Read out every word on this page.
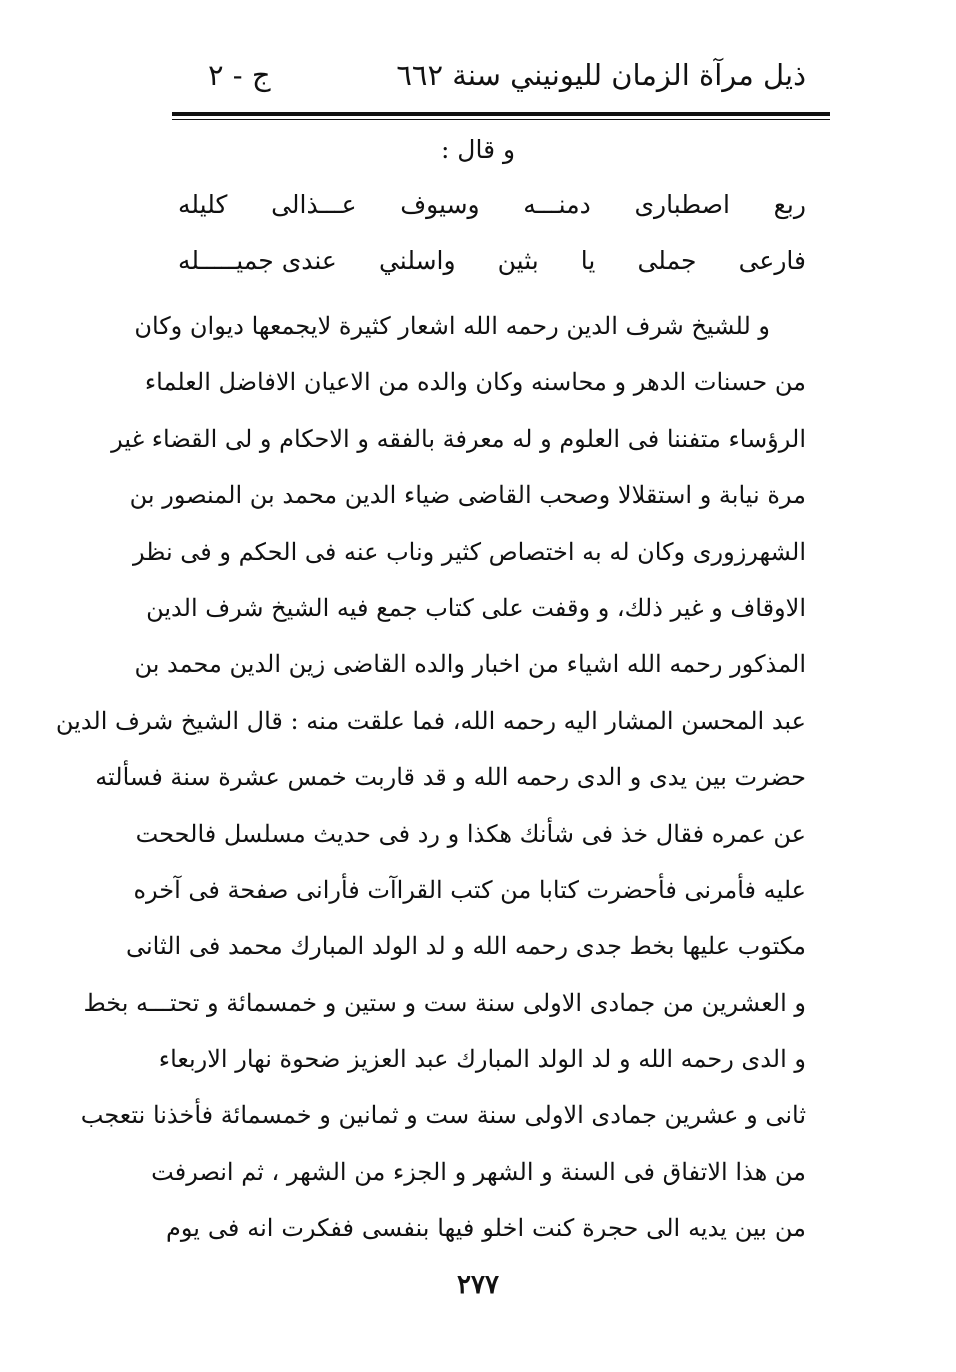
ذيل مرآة الزمان لليونيني سنة ٦٦٢
ج - ٢
و قال :
ربع
اصطبارى
دمنـــه
وسيوف
عـــذالى
كليله
فارعى
جملى
يا
بثين
واسلني
عندى جميـــــله
و للشيخ شرف الدين رحمه الله اشعار كثيرة لايجمعها ديوان وكان
من حسنات الدهر و محاسنه وكان والده من الاعيان الافاضل العلماء
الرؤساء متفننا فى العلوم و له معرفة بالفقه و الاحكام و لى القضاء غير
مرة نيابة و استقلالا وصحب القاضى ضياء الدين محمد بن المنصور بن
الشهرزورى وكان له به اختصاص كثير وناب عنه فى الحكم و فى نظر
الاوقاف و غير ذلك، و وقفت على كتاب جمع فيه الشيخ شرف الدين
المذكور رحمه الله اشياء من اخبار والده القاضى زين الدين محمد بن
عبد المحسن المشار اليه رحمه الله، فما علقت منه : قال الشيخ شرف الدين
حضرت بين يدى و الدى رحمه الله و قد قاربت خمس عشرة سنة فسألته
عن عمره فقال خذ فى شأنك هكذا و رد فى حديث مسلسل فالححت
عليه فأمرنى فأحضرت كتابا من كتب القراآت فأرانى صفحة فى آخره
مكتوب عليها بخط جدى رحمه الله و لد الولد المبارك محمد فى الثانى
و العشرين من جمادى الاولى سنة ست و ستين و خمسمائة و تحتـــه بخط
و الدى رحمه الله و لد الولد المبارك عبد العزيز ضحوة نهار الاربعاء
ثانى و عشرين جمادى الاولى سنة ست و ثمانين و خمسمائة فأخذنا نتعجب
من هذا الاتفاق فى السنة و الشهر و الجزء من الشهر ، ثم انصرفت
من بين يديه الى حجرة كنت اخلو فيها بنفسى ففكرت انه فى يوم
٢٧٧
